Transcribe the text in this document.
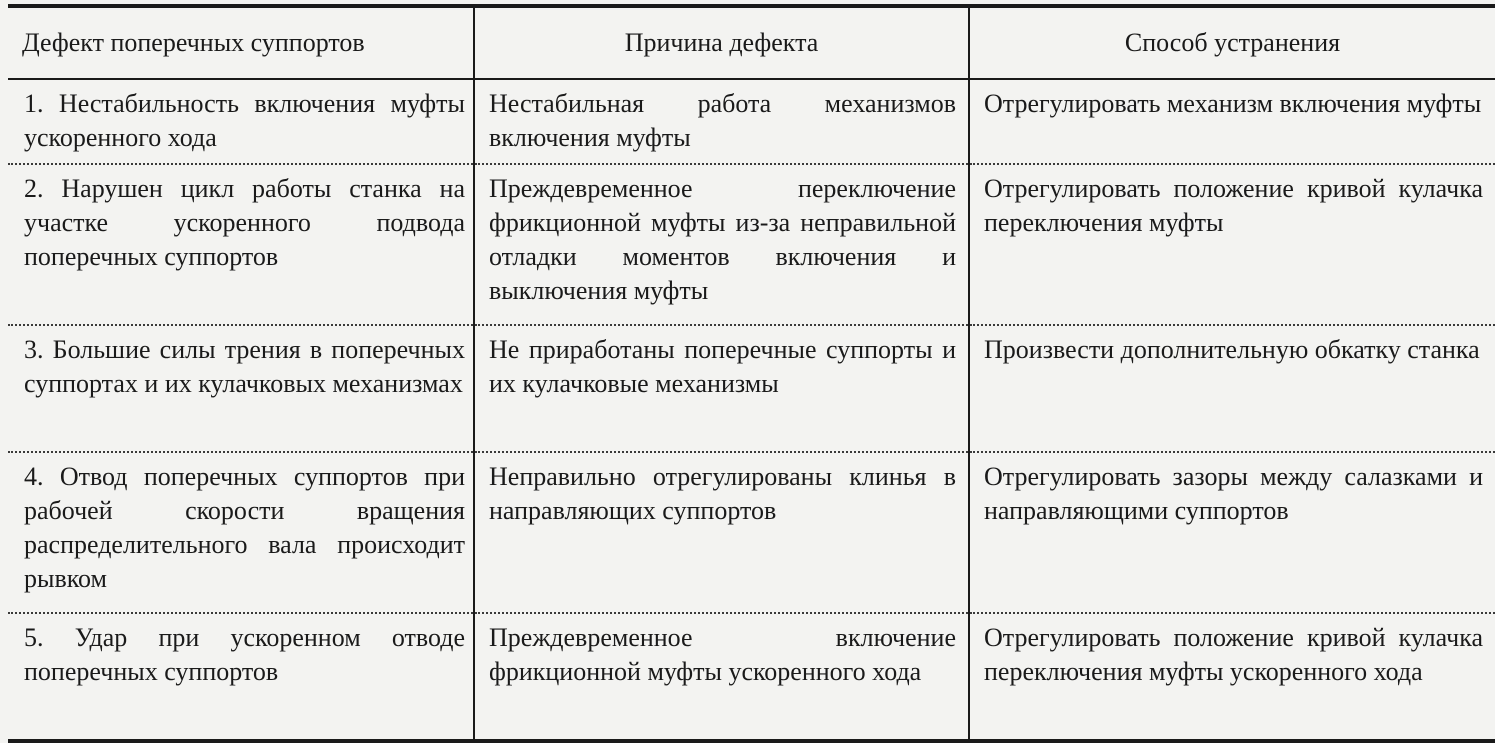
Дефект поперечных суппортов	Причина дефекта	Способ устранения
1. Нестабильность включения муфты ускоренного хода	Нестабильная работа механизмов включения муфты	Отрегулировать механизм включения муфты
2. Нарушен цикл работы станка на участке ускоренного подвода поперечных суппортов	Преждевременное переключение фрикционной муфты из-за неправильной отладки моментов включения и выключения муфты	Отрегулировать положение кривой кулачка переключения муфты
3. Большие силы трения в поперечных суппортах и их кулачковых механизмах	Не приработаны поперечные суппорты и их кулачковые механизмы	Произвести дополнительную обкатку станка
4. Отвод поперечных суппортов при рабочей скорости вращения распределительного вала происходит рывком	Неправильно отрегулированы клинья в направляющих суппортов	Отрегулировать зазоры между салазками и направляющими суппортов
5. Удар при ускоренном отводе поперечных суппортов	Преждевременное включение фрикционной муфты ускоренного хода	Отрегулировать положение кривой кулачка переключения муфты ускоренного хода
